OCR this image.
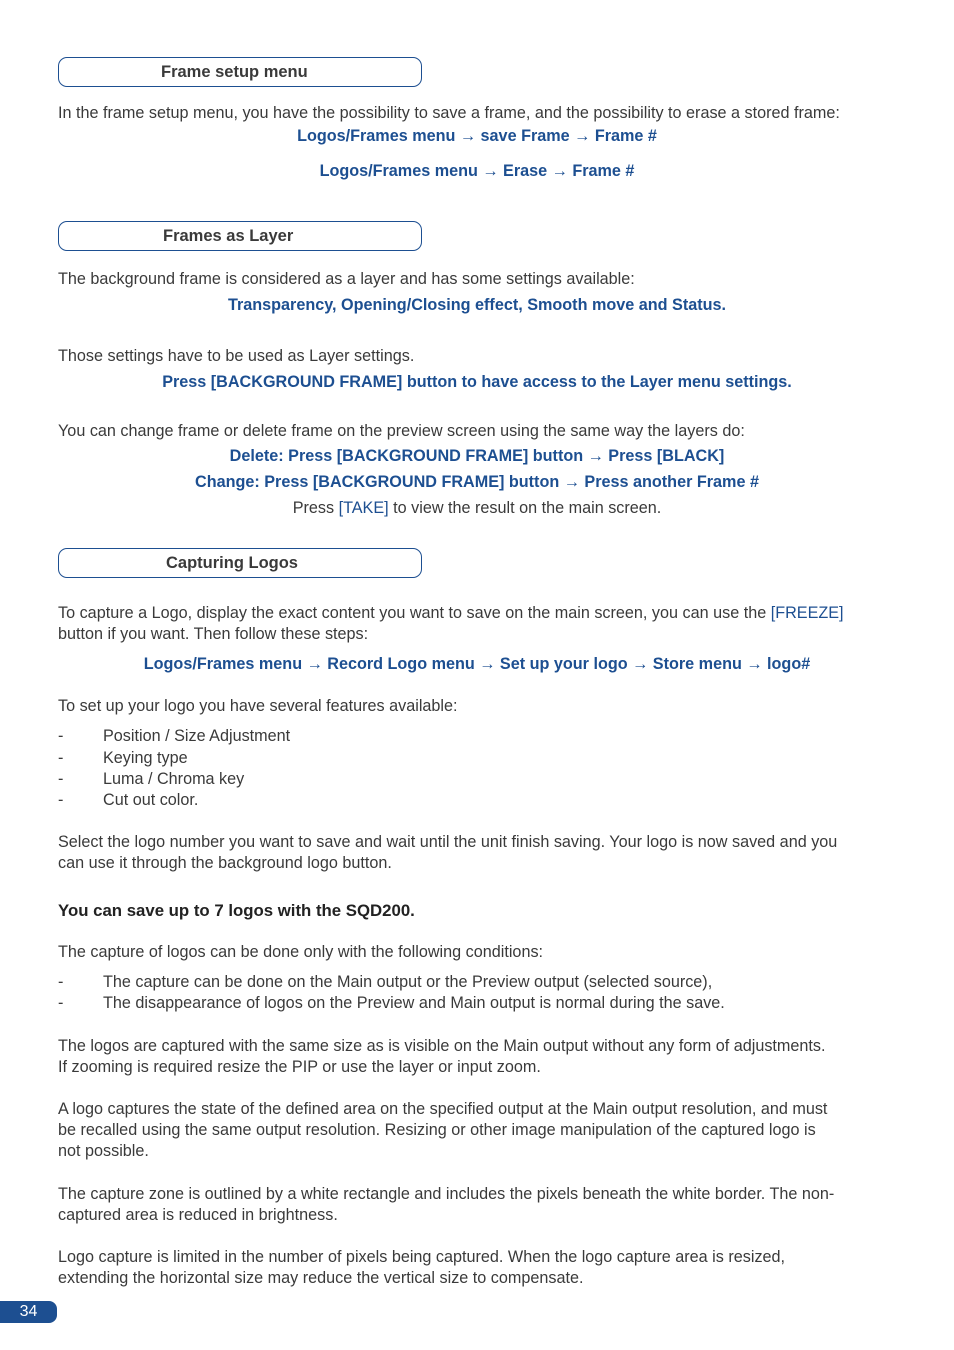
Frame setup menu
In the frame setup menu, you have the possibility to save a frame, and the possibility to erase a stored frame:
Logos/Frames menu → save Frame → Frame #
Logos/Frames menu → Erase → Frame #
Frames as Layer
The background frame is considered as a layer and has some settings available:
Transparency, Opening/Closing effect, Smooth move and Status.
Those settings have to be used as Layer settings.
Press [BACKGROUND FRAME] button to have access to the Layer menu settings.
You can change frame or delete frame on the preview screen using the same way the layers do:
Delete: Press [BACKGROUND FRAME] button → Press [BLACK]
Change: Press [BACKGROUND FRAME] button → Press another Frame #
Press [TAKE] to view the result on the main screen.
Capturing Logos
To capture a Logo, display the exact content you want to save on the main screen, you can use the [FREEZE]
button if you want. Then follow these steps:
Logos/Frames menu → Record Logo menu → Set up your logo → Store menu → logo#
To set up your logo you have several features available:
- Position / Size Adjustment
- Keying type
- Luma / Chroma key
- Cut out color.
Select the logo number you want to save and wait until the unit finish saving. Your logo is now saved and you
can use it through the background logo button.
You can save up to 7 logos with the SQD200.
The capture of logos can be done only with the following conditions:
- The capture can be done on the Main output or the Preview output (selected source),
- The disappearance of logos on the Preview and Main output is normal during the save.
The logos are captured with the same size as is visible on the Main output without any form of adjustments.
If zooming is required resize the PIP or use the layer or input zoom.
A logo captures the state of the defined area on the specified output at the Main output resolution, and must
be recalled using the same output resolution. Resizing or other image manipulation of the captured logo is
not possible.
The capture zone is outlined by a white rectangle and includes the pixels beneath the white border. The non-
captured area is reduced in brightness.
Logo capture is limited in the number of pixels being captured. When the logo capture area is resized,
extending the horizontal size may reduce the vertical size to compensate.
34
